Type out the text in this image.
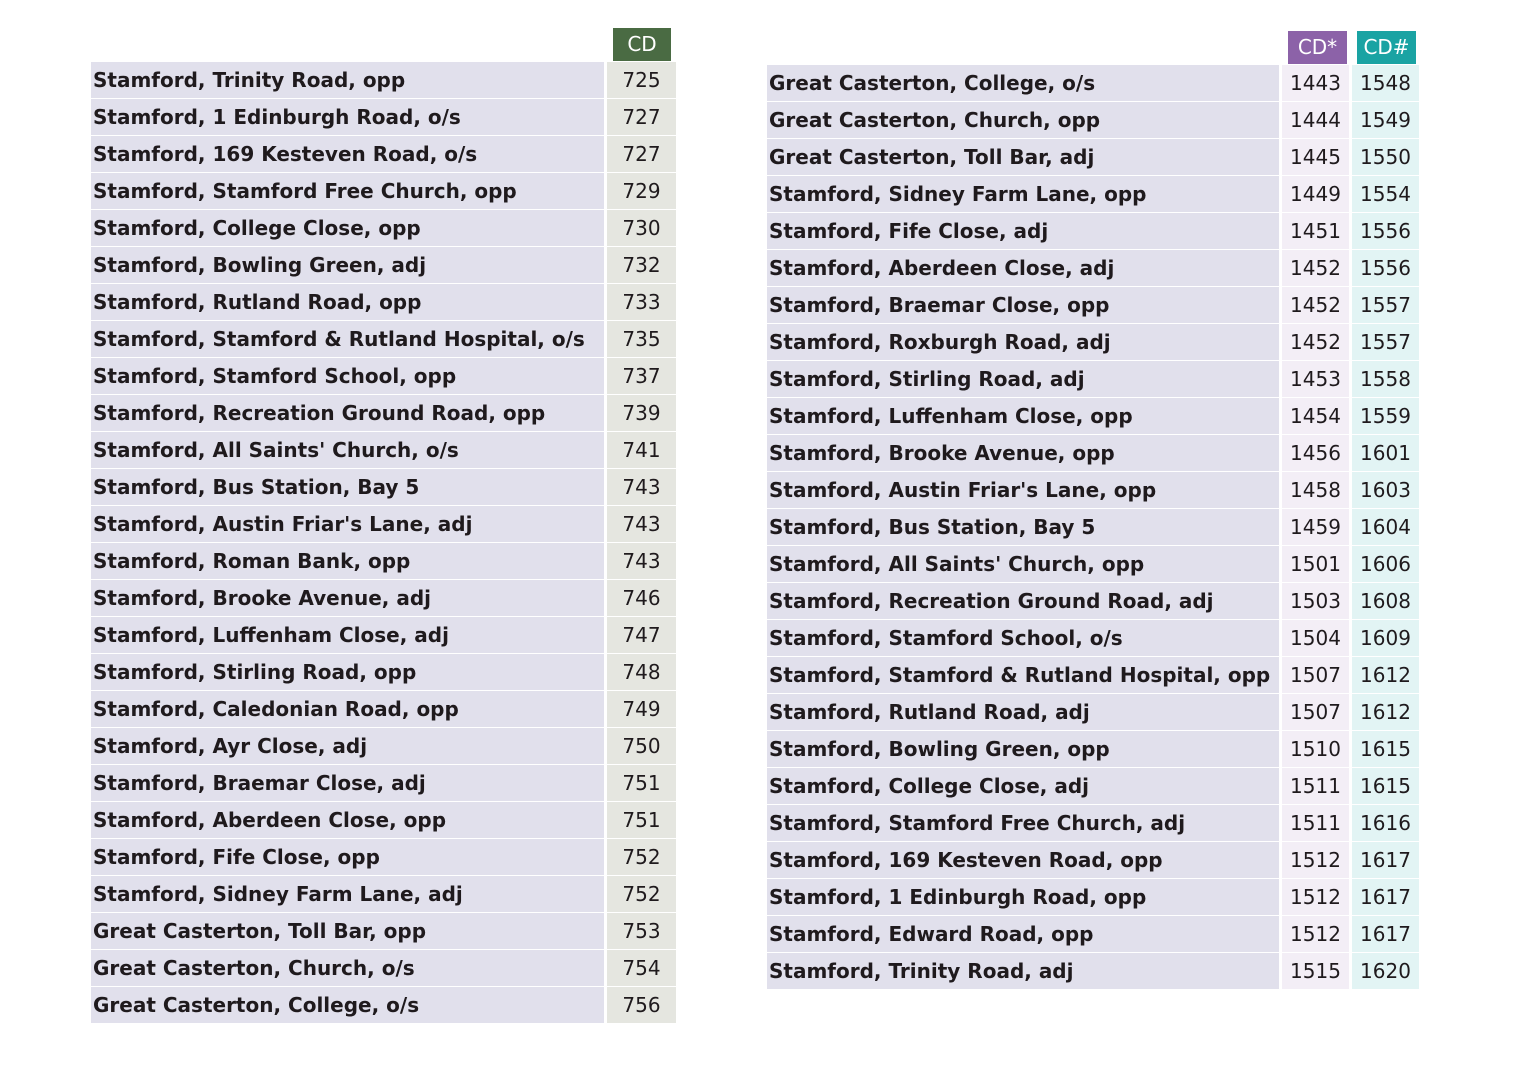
CD
Stamford, Trinity Road, opp	725
Stamford, 1 Edinburgh Road, o/s	727
Stamford, 169 Kesteven Road, o/s	727
Stamford, Stamford Free Church, opp	729
Stamford, College Close, opp	730
Stamford, Bowling Green, adj	732
Stamford, Rutland Road, opp	733
Stamford, Stamford & Rutland Hospital, o/s	735
Stamford, Stamford School, opp	737
Stamford, Recreation Ground Road, opp	739
Stamford, All Saints' Church, o/s	741
Stamford, Bus Station, Bay 5	743
Stamford, Austin Friar's Lane, adj	743
Stamford, Roman Bank, opp	743
Stamford, Brooke Avenue, adj	746
Stamford, Luffenham Close, adj	747
Stamford, Stirling Road, opp	748
Stamford, Caledonian Road, opp	749
Stamford, Ayr Close, adj	750
Stamford, Braemar Close, adj	751
Stamford, Aberdeen Close, opp	751
Stamford, Fife Close, opp	752
Stamford, Sidney Farm Lane, adj	752
Great Casterton, Toll Bar, opp	753
Great Casterton, Church, o/s	754
Great Casterton, College, o/s	756
CD*	CD#
Great Casterton, College, o/s	1443 1548
Great Casterton, Church, opp	1444 1549
Great Casterton, Toll Bar, adj	1445 1550
Stamford, Sidney Farm Lane, opp	1449 1554
Stamford, Fife Close, adj	1451 1556
Stamford, Aberdeen Close, adj	1452 1556
Stamford, Braemar Close, opp	1452 1557
Stamford, Roxburgh Road, adj	1452 1557
Stamford, Stirling Road, adj	1453 1558
Stamford, Luffenham Close, opp	1454 1559
Stamford, Brooke Avenue, opp	1456 1601
Stamford, Austin Friar's Lane, opp	1458 1603
Stamford, Bus Station, Bay 5	1459 1604
Stamford, All Saints' Church, opp	1501 1606
Stamford, Recreation Ground Road, adj	1503 1608
Stamford, Stamford School, o/s	1504 1609
Stamford, Stamford & Rutland Hospital, opp 1507 1612
Stamford, Rutland Road, adj	1507 1612
Stamford, Bowling Green, opp	1510 1615
Stamford, College Close, adj	1511 1615
Stamford, Stamford Free Church, adj	1511 1616
Stamford, 169 Kesteven Road, opp	1512 1617
Stamford, 1 Edinburgh Road, opp	1512 1617
Stamford, Edward Road, opp	1512 1617
Stamford, Trinity Road, adj	1515 1620
